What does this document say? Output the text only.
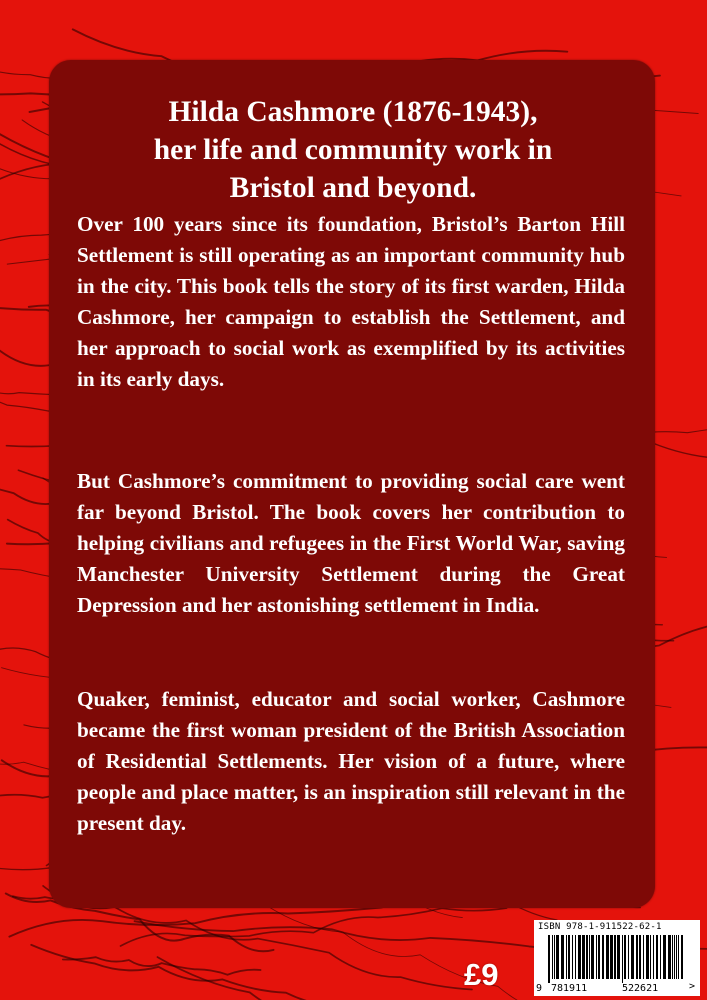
Hilda Cashmore (1876-1943),
her life and community work in
Bristol and beyond.

Over 100 years since its foundation, Bristol’s Barton Hill Settlement is still operating as an important community hub in the city. This book tells the story of its first warden, Hilda Cashmore, her campaign to establish the Settlement, and her approach to social work as exemplified by its activities in its early days.

But Cashmore’s commitment to providing social care went far beyond Bristol. The book covers her contribution to helping civilians and refugees in the First World War, saving Manchester University Settlement during the Great Depression and her astonishing settlement in India.

Quaker, feminist, educator and social worker, Cashmore became the first woman president of the British Association of Residential Settlements. Her vision of a future, where people and place matter, is an inspiration still relevant in the present day.

£9
ISBN 978-1-911522-62-1
9 781911	522621	>
